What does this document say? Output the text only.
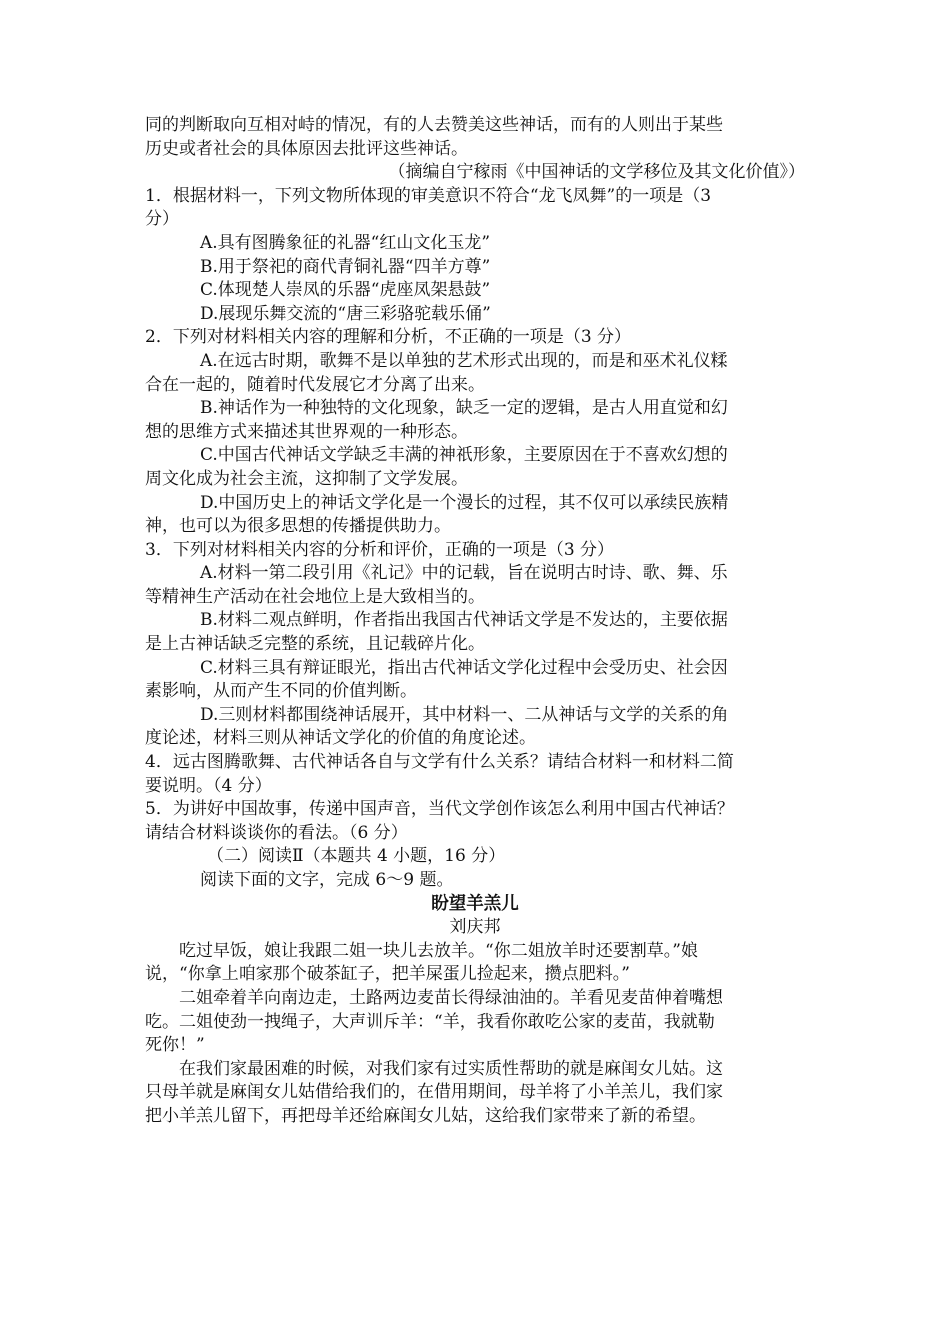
同的判断取向互相对峙的情况，有的人去赞美这些神话，而有的人则出于某些
历史或者社会的具体原因去批评这些神话。
（摘编自宁稼雨《中国神话的文学移位及其文化价值》）
1．根据材料一，下列文物所体现的审美意识不符合“龙飞凤舞”的一项是（3
分）
A.具有图腾象征的礼器“红山文化玉龙”
B.用于祭祀的商代青铜礼器“四羊方尊”
C.体现楚人崇凤的乐器“虎座凤架悬鼓”
D.展现乐舞交流的“唐三彩骆驼载乐俑”
2．下列对材料相关内容的理解和分析，不正确的一项是（3 分）
A.在远古时期，歌舞不是以单独的艺术形式出现的，而是和巫术礼仪糅
合在一起的，随着时代发展它才分离了出来。
B.神话作为一种独特的文化现象，缺乏一定的逻辑，是古人用直觉和幻
想的思维方式来描述其世界观的一种形态。
C.中国古代神话文学缺乏丰满的神祇形象，主要原因在于不喜欢幻想的
周文化成为社会主流，这抑制了文学发展。
D.中国历史上的神话文学化是一个漫长的过程，其不仅可以承续民族精
神，也可以为很多思想的传播提供助力。
3．下列对材料相关内容的分析和评价，正确的一项是（3 分）
A.材料一第二段引用《礼记》中的记载，旨在说明古时诗、歌、舞、乐
等精神生产活动在社会地位上是大致相当的。
B.材料二观点鲜明，作者指出我国古代神话文学是不发达的，主要依据
是上古神话缺乏完整的系统，且记载碎片化。
C.材料三具有辩证眼光，指出古代神话文学化过程中会受历史、社会因
素影响，从而产生不同的价值判断。
D.三则材料都围绕神话展开，其中材料一、二从神话与文学的关系的角
度论述，材料三则从神话文学化的价值的角度论述。
4．远古图腾歌舞、古代神话各自与文学有什么关系？请结合材料一和材料二简
要说明。（4 分）
5．为讲好中国故事，传递中国声音，当代文学创作该怎么利用中国古代神话？
请结合材料谈谈你的看法。（6 分）
（二）阅读Ⅱ（本题共 4 小题，16 分）
阅读下面的文字，完成 6～9 题。
盼望羊羔儿
刘庆邦
吃过早饭，娘让我跟二姐一块儿去放羊。“你二姐放羊时还要割草。”娘
说，“你拿上咱家那个破茶缸子，把羊屎蛋儿捡起来，攒点肥料。”
二姐牵着羊向南边走，土路两边麦苗长得绿油油的。羊看见麦苗伸着嘴想
吃。二姐使劲一拽绳子，大声训斥羊：“羊，我看你敢吃公家的麦苗，我就勒
死你！”
在我们家最困难的时候，对我们家有过实质性帮助的就是麻闺女儿姑。这
只母羊就是麻闺女儿姑借给我们的，在借用期间，母羊将了小羊羔儿，我们家
把小羊羔儿留下，再把母羊还给麻闺女儿姑，这给我们家带来了新的希望。
